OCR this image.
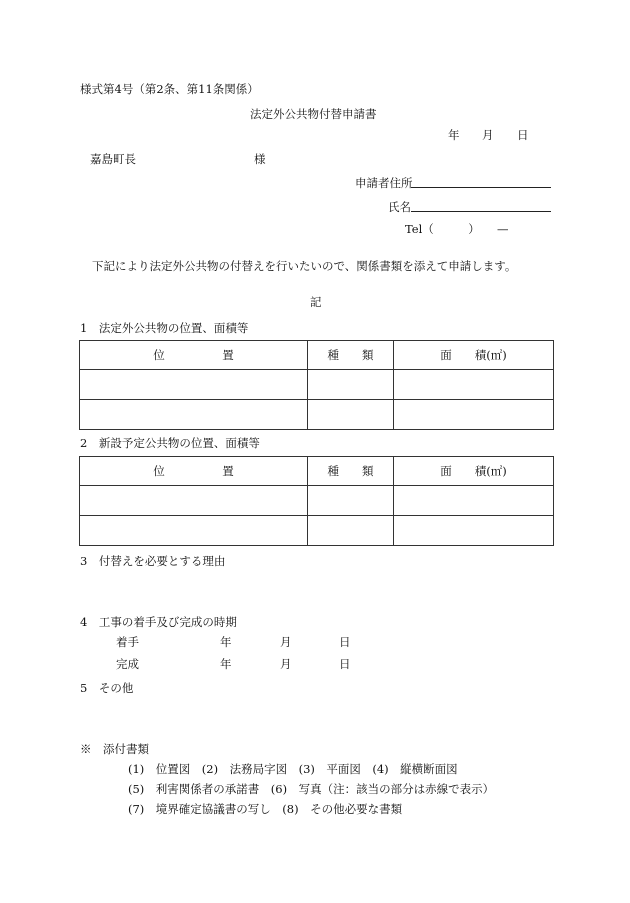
様式第4号（第2条、第11条関係）
法定外公共物付替申請書
年 月 日
嘉島町長	様
申請者住所
氏名
Tel（　　　）　　—
下記により法定外公共物の付替えを行いたいので、関係書類を添えて申請します。
記
1　法定外公共物の位置、面積等
位　　　　　置	種　　類	面　　積(㎡)

2　新設予定公共物の位置、面積等
位　　　　　置	種　　類	面　　積(㎡)

3　付替えを必要とする理由
4　工事の着手及び完成の時期
着手	年	月	日
完成	年	月	日
5　その他
※　添付書類
(1)　位置図　(2)　法務局字図　(3)　平面図　(4)　縦横断面図
(5)　利害関係者の承諾書　(6)　写真（注：該当の部分は赤線で表示）
(7)　境界確定協議書の写し　(8)　その他必要な書類
